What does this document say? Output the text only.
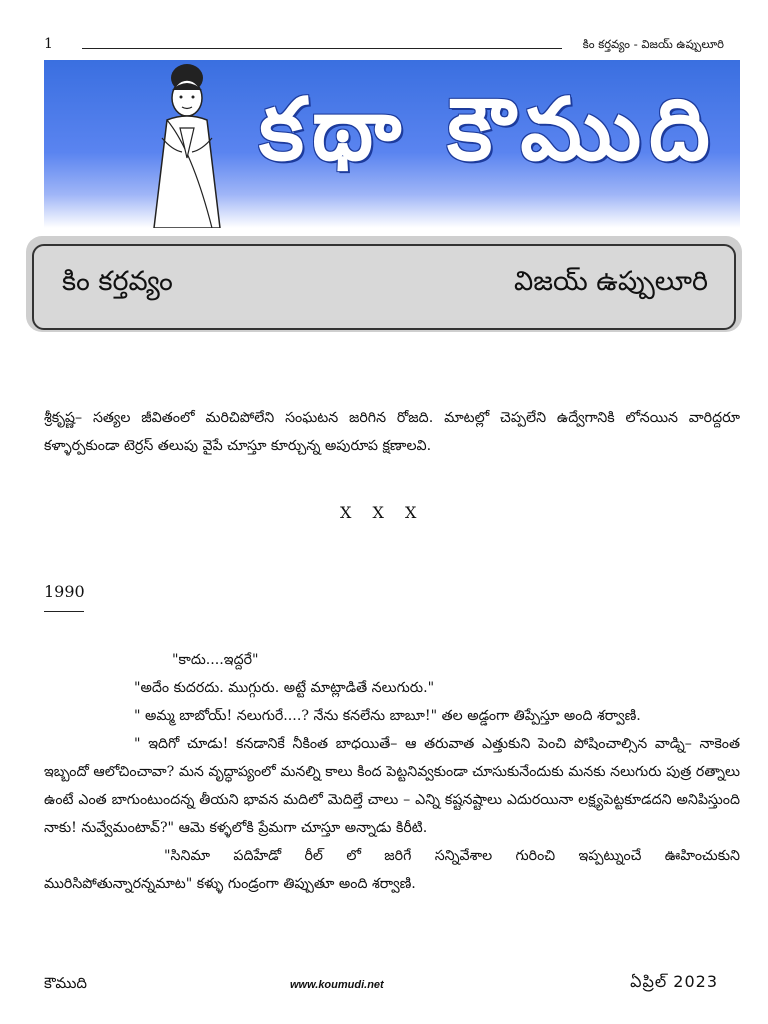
1	కిం కర్తవ్యం - విజయ్ ఉప్పులూరి
కథా కౌముది
కిం కర్తవ్యం	విజయ్ ఉప్పులూరి
శ్రీకృష్ణ– సత్యల జీవితంలో మరిచిపోలేని సంఘటన జరిగిన రోజది. మాటల్లో చెప్పలేని ఉద్వేగానికి లోనయిన వారిద్దరూ కళ్ళార్పకుండా టెర్రస్ తలుపు వైపే చూస్తూ కూర్చున్న అపురూప క్షణాలవి.
X X X
1990

"కాదు....ఇద్దరే"

"అదేం కుదరదు. ముగ్గురు. అట్టే మాట్లాడితే నలుగురు."

" అమ్మ బాబోయ్! నలుగురే....? నేను కనలేను బాబూ!" తల అడ్డంగా తిప్పేస్తూ అంది శర్వాణి.

" ఇదిగో చూడు! కనడానికే నీకింత బాధయితే– ఆ తరువాత ఎత్తుకుని పెంచి పోషించాల్సిన వాడ్ని– నాకెంత ఇబ్బందో ఆలోచించావా? మన వృద్ధాప్యంలో మనల్ని కాలు కింద పెట్టనివ్వకుండా చూసుకునేందుకు మనకు నలుగురు పుత్ర రత్నాలు ఉంటే ఎంత బాగుంటుందన్న తీయని భావన మదిలో మెదిల్తే చాలు – ఎన్ని కష్టనష్టాలు ఎదురయినా లక్ష్యపెట్టకూడదని అనిపిస్తుంది నాకు! నువ్వేమంటావ్?" ఆమె కళ్ళలోకి ప్రేమగా చూస్తూ అన్నాడు కిరీటి.

"సినిమా పదిహేడో రీల్ లో జరిగే సన్నివేశాల గురించి ఇప్పట్నుంచే ఊహించుకుని మురిసిపోతున్నారన్నమాట" కళ్ళు గుండ్రంగా తిప్పుతూ అంది శర్వాణి.

కౌముది	www.koumudi.net	ఏప్రిల్ 2023
